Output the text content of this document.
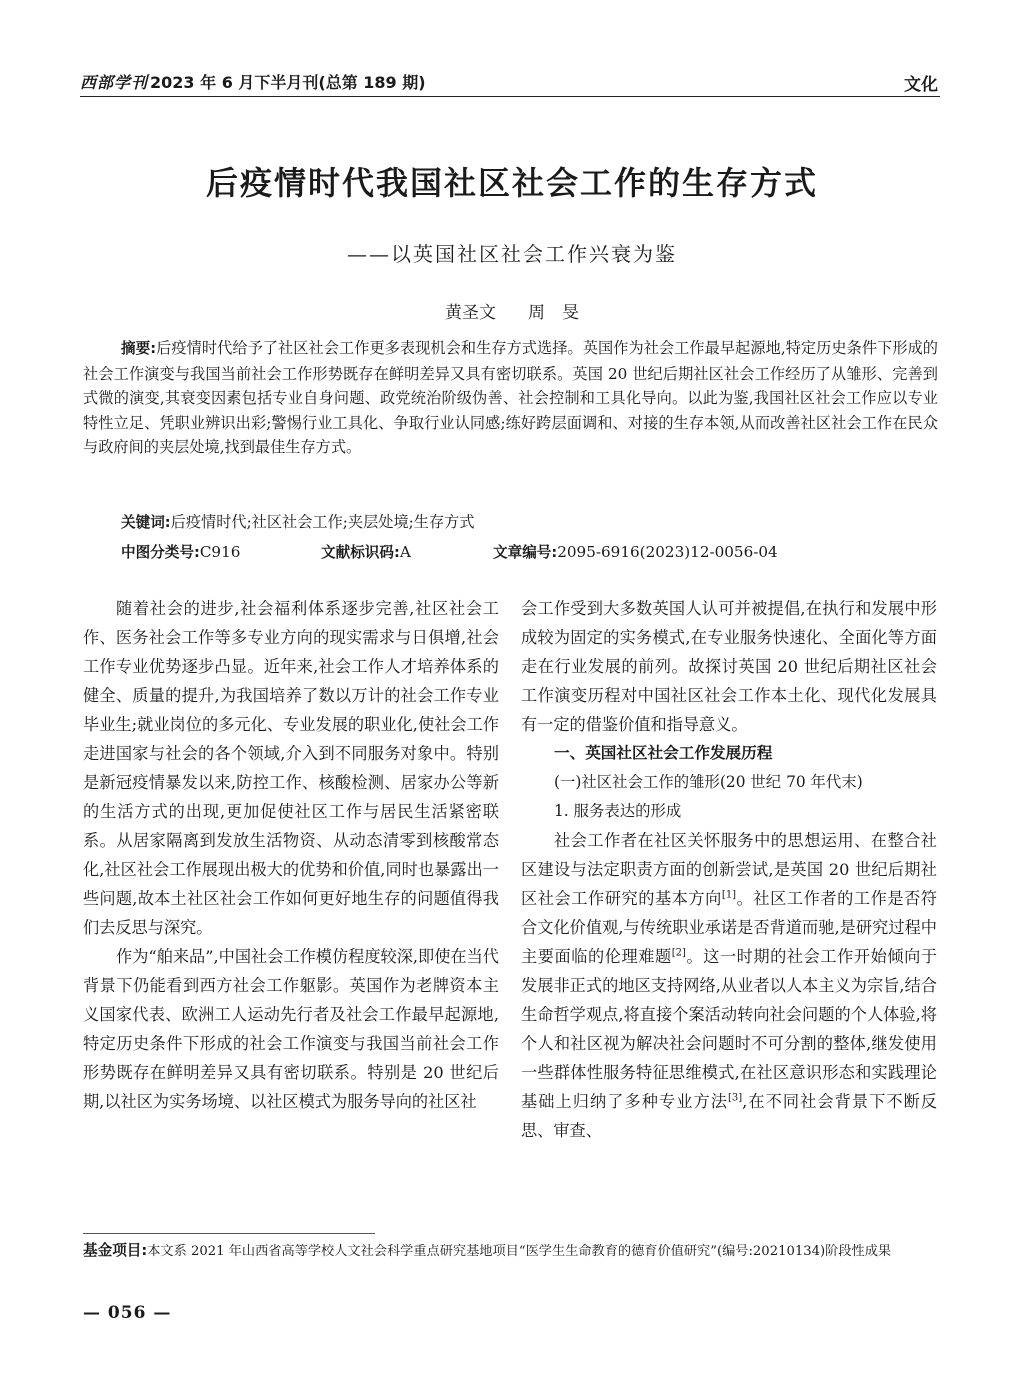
西部学刊 2023 年 6 月下半月刊(总第 189 期)	文化
后疫情时代我国社区社会工作的生存方式
——以英国社区社会工作兴衰为鉴
黄圣文 周　旻
摘要:后疫情时代给予了社区社会工作更多表现机会和生存方式选择。英国作为社会工作最早起源地,特定历史条件下形成的社会工作演变与我国当前社会工作形势既存在鲜明差异又具有密切联系。英国 20 世纪后期社区社会工作经历了从雏形、完善到式微的演变,其衰变因素包括专业自身问题、政党统治阶级伪善、社会控制和工具化导向。以此为鉴,我国社区社会工作应以专业特性立足、凭职业辨识出彩;警惕行业工具化、争取行业认同感;练好跨层面调和、对接的生存本领,从而改善社区社会工作在民众与政府间的夹层处境,找到最佳生存方式。
关键词:后疫情时代;社区社会工作;夹层处境;生存方式
中图分类号:C916	文献标识码:A	文章编号:2095-6916(2023)12-0056-04

随着社会的进步,社会福利体系逐步完善,社区社会工作、医务社会工作等多专业方向的现实需求与日俱增,社会工作专业优势逐步凸显。近年来,社会工作人才培养体系的健全、质量的提升,为我国培养了数以万计的社会工作专业毕业生;就业岗位的多元化、专业发展的职业化,使社会工作走进国家与社会的各个领域,介入到不同服务对象中。特别是新冠疫情暴发以来,防控工作、核酸检测、居家办公等新的生活方式的出现,更加促使社区工作与居民生活紧密联系。从居家隔离到发放生活物资、从动态清零到核酸常态化,社区社会工作展现出极大的优势和价值,同时也暴露出一些问题,故本土社区社会工作如何更好地生存的问题值得我们去反思与深究。

作为“舶来品”,中国社会工作模仿程度较深,即使在当代背景下仍能看到西方社会工作躯影。英国作为老牌资本主义国家代表、欧洲工人运动先行者及社会工作最早起源地,特定历史条件下形成的社会工作演变与我国当前社会工作形势既存在鲜明差异又具有密切联系。特别是 20 世纪后期,以社区为实务场境、以社区模式为服务导向的社区社

会工作受到大多数英国人认可并被提倡,在执行和发展中形成较为固定的实务模式,在专业服务快速化、全面化等方面走在行业发展的前列。故探讨英国 20 世纪后期社区社会工作演变历程对中国社区社会工作本土化、现代化发展具有一定的借鉴价值和指导意义。

一、英国社区社会工作发展历程

(一)社区社会工作的雏形(20 世纪 70 年代末)

1. 服务表达的形成

社会工作者在社区关怀服务中的思想运用、在整合社区建设与法定职责方面的创新尝试,是英国 20 世纪后期社区社会工作研究的基本方向[1]。社区工作者的工作是否符合文化价值观,与传统职业承诺是否背道而驰,是研究过程中主要面临的伦理难题[2]。这一时期的社会工作开始倾向于发展非正式的地区支持网络,从业者以人本主义为宗旨,结合生命哲学观点,将直接个案活动转向社会问题的个人体验,将个人和社区视为解决社会问题时不可分割的整体,继发使用一些群体性服务特征思维模式,在社区意识形态和实践理论基础上归纳了多种专业方法[3],在不同社会背景下不断反思、审查、

基金项目:本文系 2021 年山西省高等学校人文社会科学重点研究基地项目“医学生生命教育的德育价值研究”(编号:20210134)阶段性成果
— 056 —
